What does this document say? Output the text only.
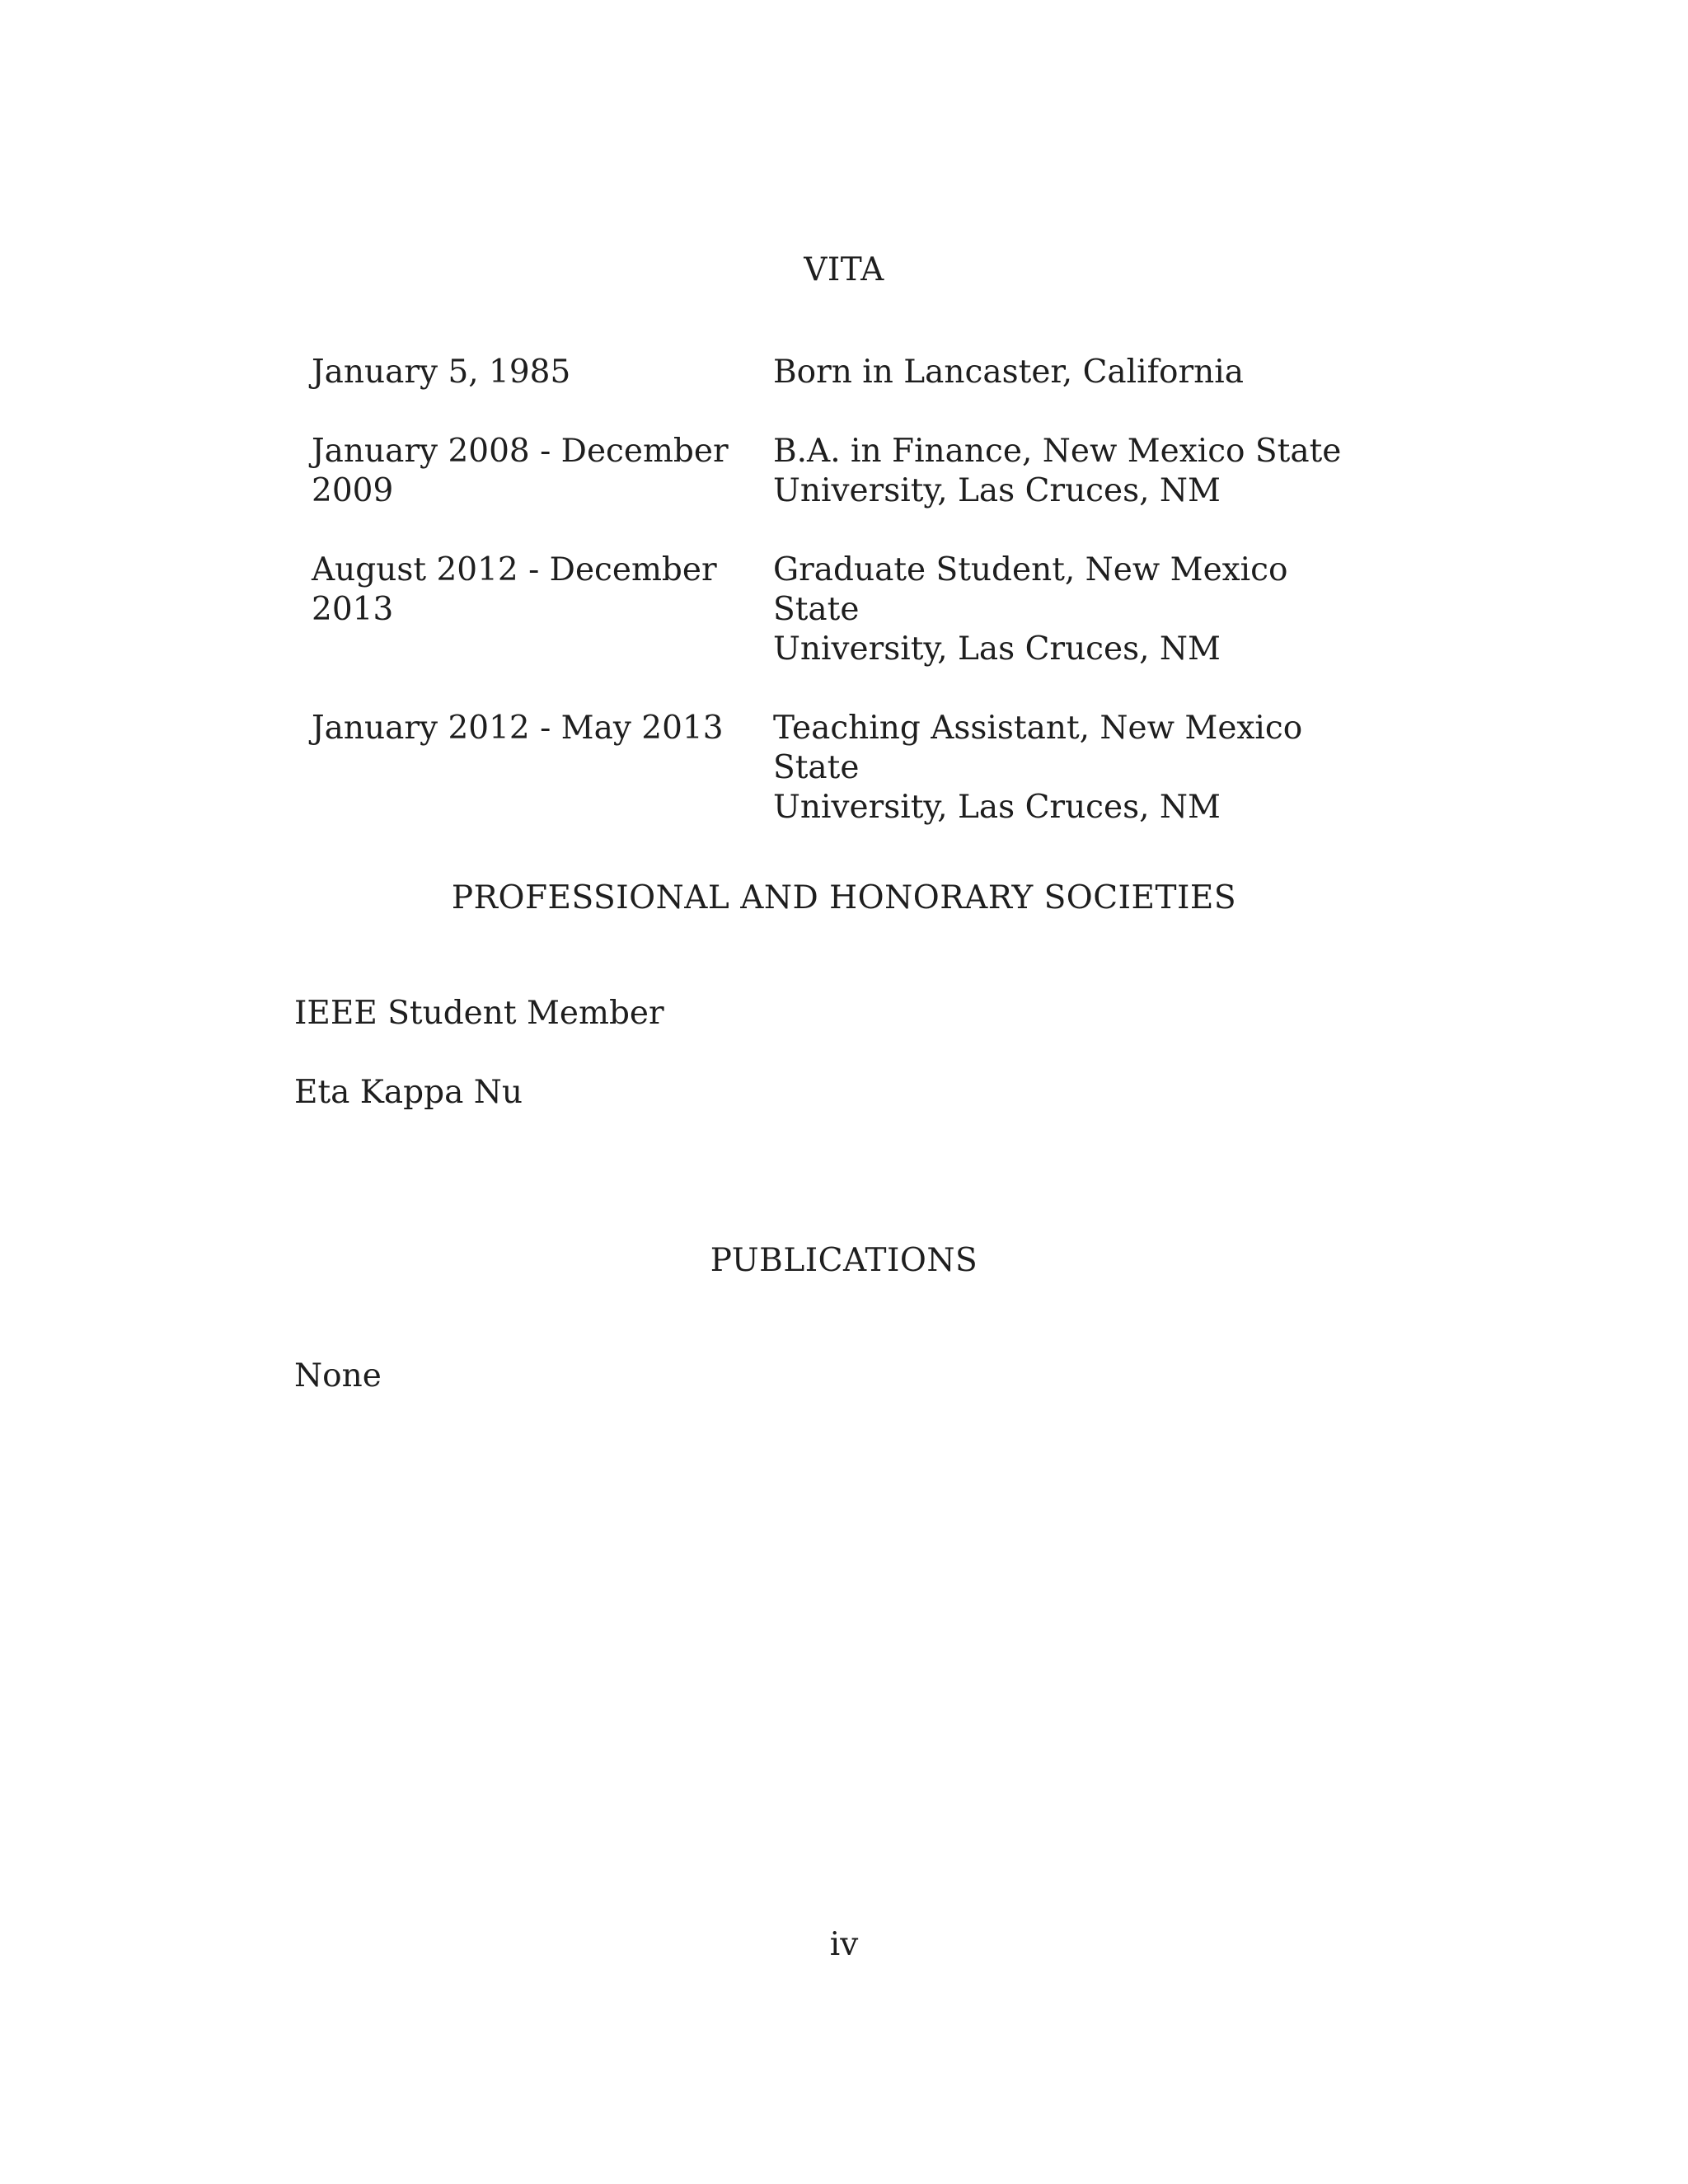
VITA
January 5, 1985	Born in Lancaster, California
January 2008 - December 2009
B.A. in Finance, New Mexico State
University, Las Cruces, NM
August 2012 - December 2013
Graduate Student, New Mexico State
University, Las Cruces, NM
January 2012 - May 2013	Teaching Assistant, New Mexico State
University, Las Cruces, NM
PROFESSIONAL AND HONORARY SOCIETIES

IEEE Student Member

Eta Kappa Nu

PUBLICATIONS

None

iv
